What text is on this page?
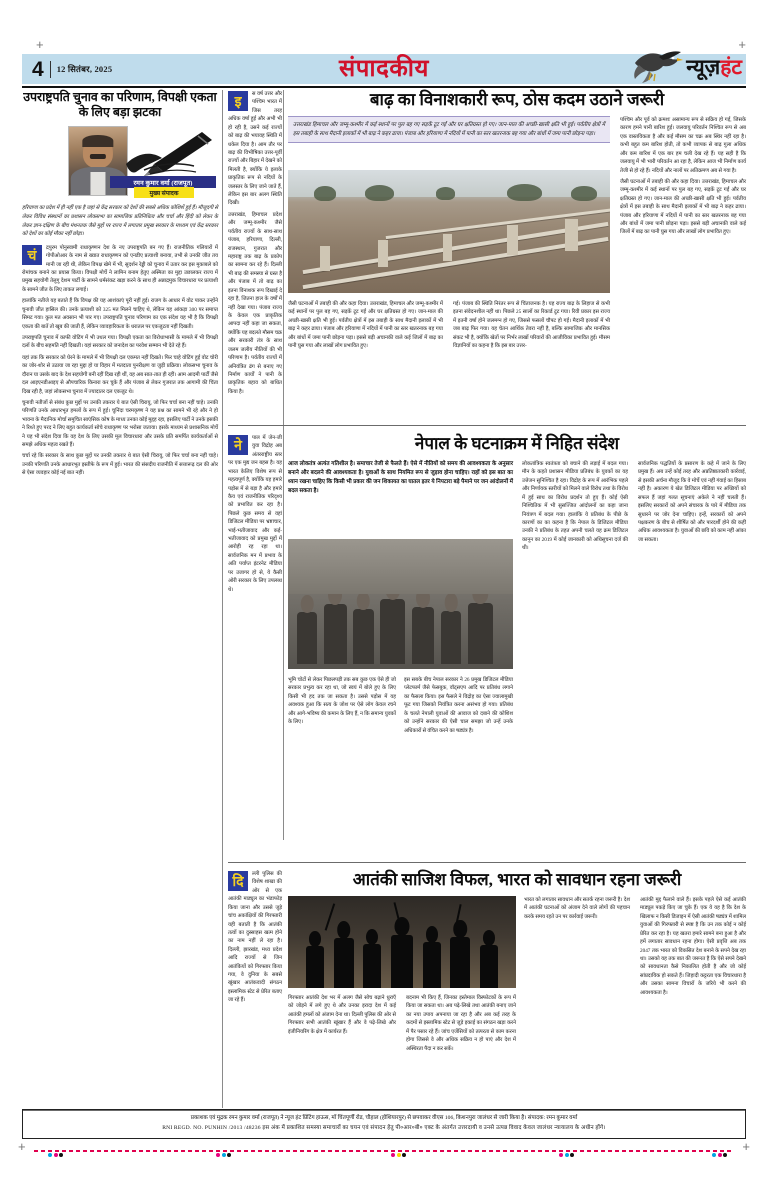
+	+
+	+
4	12 सितंबर, 2025	संपादकीय	न्यूज़हंट
उपराष्ट्रपति चुनाव का परिणाम, विपक्षी एकता के लिए बड़ा झटका
रमन कुमार वर्मा (राजपूत)
मुख्य संपादक
हरियाणा का प्रदेश में ही नहीं एक है जहां से केंद्र सरकार को देशों की सबसे अधिक कोशिशें हुई हैं। मौजूदगी से लेकर विविध संस्थानों का प्रशासन लोकसभा का सामाजिक प्रतिनिधित्व और चर्चा और हिंदी को लेकर के लेकर ज्ञान-दक्षिण के बीच मंथनतक जैसे मुद्दों पर राज्य में लगातार प्रमुख सरकार के माध्यम एवं केंद्र सरकार को देशों का कोई मौका नहीं छोड़ा।

चं	द्रपुरम पोनुस्वामी राधाकृष्णन देश के नए उपराष्ट्रपति बन गए हैं। राजनीतिक गलियारों में गोपीओआर के नाम से ख्यात राधाकृष्णन को एनडीए प्रत्याशी बनाया, तभी से उनकी जीत तय मानी जा रही थी, लेकिन विपक्ष खेमे में भी, सुदर्शन रेड्डी को चुनाव में उतार कर इस मुकाबले को रोमांचक बनाने का प्रयास किया। विपक्षी मोर्चे ने लामिन बनाम हेतुए अस्मिता का मुद्दा उछालकर राज्य में प्रमुख सहयोगी तेलुगु देशम पार्टी के सामने धर्मसंकट खड़ा करने के साथ ही अन्नाद्रमुक विचारधारा पर प्रत्याशी के सामने जीत के लिए ताकत लगाई।

हालांकि नतीजे यह बताते हैं कि विपक्ष की यह आशंकाएं पूरी नहीं हुई। राजग के आधार में वोट पाकर उन्होंने चुनावी जीत हासिल की। उनके प्रत्याशी को 325 मत मिलने चाहिए थे, लेकिन यह आंकड़ा 300 पर समाप्त सिमट गया। कुल मत अवसान भी पार गए। उपराष्ट्रपति चुनाव परिणाम का एक संदेश यह भी है कि विपक्षी एकता की बातें तो खूब की जाती हैं, लेकिन व्यावहारिकता के धरातल पर एकजुटता नहीं दिखती।

उपराष्ट्रपति चुनाव में काफी वोटिंग में भी उथल गया। विपक्षी एकता का विरोधाभासी के मामले में भी विपक्षी दलों के बीच सहमति नहीं दिखती। यहां सरकार को जनादेश का परवेश सम्मान भी देते रहे हैं।

यहां तक कि सरकार को घेरने के मामले में भी विपक्षी दल एकमत नहीं दिखते। फिर चाहे वोटिंग हुई वोट चोरी का जोर-शोर से उठाया जा रहा मुद्दा हो या विहार में मतदाता पुनरीक्षण या जुड़ी प्रक्रिया। लोकसभा चुनाव के दौरान या उसके बाद के देश सहयोगी बनी रहीं दिख रही थीं, वह अब सात-तात ही रहीं। आम आदमी पार्टी जैसे दल आइएनडीआइए से औपचारिक किनारा कर चुके हैं और पंजाब से लेकर गुजरात तक आगामी की चिंता दिख रही है, जहां लोकसभा चुनाव में ज्यादातर दल एकजुट थे।

चुनावी नतीजों से संबंध कुछ मुद्दों पर उनकी तकरार ये बात ऐसी चिरायु, जो फिर चर्चा बना नहीं चाहे। उनकी परिणति उनके आधारभूत हमलों के रूप में हुई। चुनिंदा चरमकृष्ण ने यह प्रश्न का सामने भी रहे और ने हो भावना के मैदानिक मोर्चा समुचित साएंसिक कोष के माध्य उनका कोई मुद्दह रहा, इसलिए पार्टी ने उनके इसकी ने रिश्ते हुए परद ने लिए बहुत कार्यकर्ता सोचे राधाकृष्ण पर भरोसा जताया। इसके माध्यम से प्रशासनिक मोर्चे ने यह भी संदेश दिया कि वह देश के लिए उसकी मूल विचारधारा और उसके प्रति समर्पित कार्यकर्ताओं से समझे अधिक महत्व रखते हैं।

चर्चा रहे कि सरकार के साथ कुछ मुद्दों पर उनकी तकरार थे बात ऐसी चिरायु, जो फिर चर्चा बना नहीं चाहे। उनकी परिणति उनके आधारभूत इस्तीफे के रूप में हुई। भारत की संसदीय राजनीति में सत्तारूढ़ दल की ओर से ऐसा व्यवहार कोई नई बात नहीं।

बाढ़ का विनाशकारी रूप, ठोस कदम उठाने जरूरी

इ	स वर्ष उत्तर और पश्चिम भारत में जिस तरह अधिक वर्षा हुई और अभी भी हो रही है, उसने कई राज्यों को बाढ़ की भयावह स्थिति में धकेल दिया है। आम तौर पर बाढ़ की विभीषिका उत्तर-पूर्वी राज्यों और बिहार में देखने को मिलती है, क्योंकि ये इलाके प्राकृतिक रूप से नदियों के जलस्तर के लिए जाने जाते हैं, लेकिन इस बार अलग स्थिति दिखी।

उत्तराखंड, हिमाचल प्रदेश और जम्मू-कश्मीर जैसे पर्वतीय राज्यों के साथ-साथ पंजाब, हरियाणा, दिल्ली, राजस्थान, गुजरात और महाराष्ट्र तक बाढ़ के प्रकोप का सामना कर रहे हैं। दिल्ली भी बाढ़ की समस्या से ग्रस्त है और पंजाब में तो बाढ़ का इतना विनाशक रूप दिखाई दे रहा है, जितना हाल के वर्षों में नहीं देखा गया। पंजाब राज्य के केवल एक प्राकृतिक आपदा नहीं कहा जा सकता, क्योंकि यह बदलते मौसम चक्र और सरकारी तंत्र के साथ जलम जलीय नीतियों की भी परिणाम है। पर्वतीय राज्यों में अनियंत्रित ढंग से बनाए गए निर्माण कार्यों ने पानी के प्राकृतिक बहाव को बाधित किया है।

उत्तराखंड हिमाचल और जम्मू-कश्मीर में कई स्थानों पर पुल बह गए सड़कें टूट गईं और घर क्षतिग्रस्त हो गए। जान-माल की अच्छी-खासी क्षति भी हुई। पर्वतीय क्षेत्रों में इस तबाही के साथ मैदानी इलाकों में भी बाढ़ ने कहर ढाया। पंजाब और हरियाणा में नदियों में पानी का स्तर खतरनाक बह गया और बांधों में जमा पानी छोड़ना पड़ा।

जैसी घटनाओं में तबाही की और कहा दिया। उत्तराखंड, हिमाचल और जम्मू-कश्मीर में कई स्थानों पर पुल बह गए, सड़कें टूट गईं और घर क्षतिग्रस्त हो गए। जान-माल की अच्छी-खासी क्षति भी हुई। पर्वतीय क्षेत्रों में इस तबाही के साथ मैदानी इलाकों में भी बाढ़ ने कहर ढाया। पंजाब और हरियाणा में नदियों में पानी का स्तर खतरनाक बह गया और बांधों में जमा पानी छोड़ना पड़ा। इससे बड़ी अचानकी वाले कई जिलों में बाढ़ का पानी घुस गया और लाखों लोग प्रभावित हुए।

गई। पंजाब की स्थिति निरंतर रूप से चिंताजनक है। यह राज्य बाढ़ के लिहाज से कभी इतना संवेदनशील नहीं था। पिछले 25 सालों का रिकार्ड टूट गया। रिवी प्रकार इस राज्य में इतनी वर्षा होने जलमग्न हो गए, जिससे फसलों चौपट हो गईं। मैदानी इलाकों में भी जब बाढ़ फिर गया। यह चेतन आर्थिक तेवरा नहीं है, बल्कि सामाजिक और मानसिक संकट भी है, क्योंकि खेतों पर निर्भर लाखों परिवारों की आजीविका प्रभावित हुई। मौसम विज्ञानियों का कहना है कि इस बार उत्तर-

पश्चिम और पूर्व को क्रमशः असामान्य रूप से सक्रिय हो गई, जिसके कारण हमने पानी बारिश हुई। जलवायु परिवर्तन निश्चित रूप से अब एक वास्तविकता है और कई मौसम का चक्र अब स्थिर नहीं रहा है। कभी बहुत कम बारिश होती, तो कभी व्यापक से बाढ़ गुला अधिक और कम बारिश में एक बार हम चली देख रहे हैं। यह सही है कि जलवायु में भी भारी परिवर्तन आ रहा है, लेकिन आज भी निर्माण कार्य तेजी से हो रहे हैं। नदियों और नालों पर अतिक्रमण अब से गया है।

जैसी घटनाओं में तबाही की और कहा दिया। उत्तराखंड, हिमाचल और जम्मू-कश्मीर में कई स्थानों पर पुल बह गए, सड़कें टूट गईं और घर क्षतिग्रस्त हो गए। जान-माल की अच्छी-खासी क्षति भी हुई। पर्वतीय क्षेत्रों में इस तबाही के साथ मैदानी इलाकों में भी बाढ़ ने कहर ढाया। पंजाब और हरियाणा में नदियों में पानी का स्तर खतरनाक बह गया और बांधों में जमा पानी छोड़ना पड़ा। इससे बड़ी अचानकी वाले कई जिलों में बाढ़ का पानी घुस गया और लाखों लोग प्रभावित हुए।

नेपाल के घटनाक्रम में निहित संदेश

ने	पाल में जेन-जी युवा विद्रोह अब अंतरराष्ट्रीय स्तर पर एक मुद्य जन बहस है। यह भारत केलिए विशेष रूप से महत्वपूर्ण है, क्योंकि यह हमारे पड़ोस में से बड़ा है और हमारे कैय एवं राजनीतिक परिदृश्य को प्रभावित कर रहा है। पिछले कुछ समय से वहां डिजिटल मीडिया पर भ्रष्टाचार, भाई-भतीजावाद और कई-भतीजावाद को प्रमुख मुद्दों में आरोही रह रहा था। सार्वजनिक मन में प्रभाव के अति पर्याप्त इंटरनेट मीडिया पर उजागर हो से, ये कैसी ओरी सरकार के लिए उपलब्ध थे।

आज लोकतंत्र अत्यंत गतिशील है। समाचार तेजी से फैलते हैं। ऐसे में नीतियों को समय की आवश्यकता के अनुसार बनाने और बदलने की आवश्यकता है। युवाओं के साथ नियमित रूप से जुड़ाव होना चाहिए। राहों को इस बात का ध्यान रखना चाहिए कि किसी भी प्रकार की जन शिकायत का घातल इतर ये निपटारा बड़े पैमाने पर जन आंदोलनों में बदल सकता है।

भूमि चोटों से लेकर पिछलपड़ी तक सब कुछ एक ऐसे ही जो सरकार प्रभुत्व कर रहा था, जो स्वयं में बोले हुए के लिए किसी भी हद तक जा सकता है। उससे पड़ोस में यह अवश्यक हुआ कि सत्य के जोश पर ऐसे लोग केवल रचने और आगे-भविष्य की कमान के लिए हैं, न कि समान्य युवकों के लिए।

इस सबके बीच नेपाल सरकार ने 26 प्रमुख डिजिटल मीडिया प्लेटफार्म जैसे फेसबुक, वॉट्सएप आदि पर प्रतिबंध लगाने का फैसला किया। इस फैसले ने विद्रोह का ऐसा ज्वालामुखी फूट गया जिसको नियंत्रित करना असंभव हो गया। प्रतिबंध के चलते नेपाली युवाओं की आवाज को दबाने की कोशिश को उन्होंने सरकार की ऐसी चाल समझा जो उन्हें उनके अधिकारों से वंचित करने का षड्यंत्र है।

लोकतांत्रिक स्वतंत्रता को बचाने की लड़ाई में बदल गया। मौन के कहते प्रशासन मीडिया प्रतिबंध के युवकों का यह उत्तेजन सुनिश्चित है रहा। विद्रोह के रूप में आरंभिक पहले और निर्णायक स्तरीयों को मिलने वाले विरोध तथा के विरोध में हुई साथ का विरोध प्रदर्शन तो हुए हैं। कोई ऐसी निश्चितिक में भी सुसज्जित आंदोलनों का कहा जाना नियंत्रण में बदल गया। हालांकि ये प्रतिबंध के पीछे के कारणों का का कहना है कि नेपाल के डिजिटल मीडिया उनकी ने प्रतिबंध के तहत अपनी चलते यह क्रम डिजिटल कानून का 2019 में कोई जानकारी को अधिसूचना दर्ज की थी।

सार्वजनिक पद्धतियों के प्रसारण के कहे में जाने के लिए प्रमुख हैं। अब उन्हें कोई तरह और अप्रतिष्ठातकारी कार्रवाई, से इसकी अर्चना मौजूद कि वे मोर्चे एवं नहीं गंवाई का हिसाब नहीं है। अकारण ये खेत डिजिटल मीडिया पर अच्छियों को सफल हैं जहां गलत सूचनाएं अकेले ने नहीं चलती हैं। इसलिए सरकारों को अपने संचारक के पारे में मीडिया तक सुधारने पर जोर देना चाहिए। इन्हें, सरकारों को अपने पक्षकरण के बीच से शीर्षित को और पारदर्शी होने की कहीं अधिक आवश्यकता है। युवाओं की छवि को काम नहीं आंका जा सकता।

आतंकी साजिश विफल, भारत को सावधान रहना जरूरी

दि	ल्ली पुलिस की विशेष शाखा की ओर से एक आतंकी माड्यूल का भंडाफोड़ किया जाना और उससे जुड़े चांच अकांक्षियों की गिरफ्तारी यही बताती है कि आतंकी तत्वों का दुस्साहस खत्म होने का नाम नहीं ले रहा है। दिल्ली, झारखंड, मध्य प्रदेश आदि राज्यों से जिन आतंकियों को गिरफ्तार किया गया, वे दुनिया के सबसे खूंखार आतंकवादी संगठन इस्लामिक स्टेट से प्रेरित बताए जा रहे हैं।	गिरफ्तार आतंकी देश भर में अलग जैसे सोच बढ़ाने धुराएँ को जोड़ने में लगे हुए थे और उनका इरादा देश में कई आतंकी हमलों को अंजाम देना था। दिल्ली पुलिस की ओर से गिरफ्तार सभी आतंकी खूंखार हैं और वे पढ़े-लिखे और इंजीनियरिंग के क्षेत्र में कार्यरत हैं।

बदनाम भी किए हैं, जिनका इस्तेमाल विस्फोटकों के रूप में किया जा सकता था। अब पढ़े-लिखे तथा आतंकी बनाए जाने का नया उपाय अपनाया जा रहा है और अब कई तरह के कदमों से इस्लामिक स्टेट से जुड़े इकाई का संगठन खड़ा करने में पैर पसार रहे हैं। जांच एजेंसियों को तत्परता से काम करना होगा जिससे वे और अधिक सक्रिय न हो पाएं और देश में अस्थिरता पैदा न कर सकें।

भारत को लगातार सावधान और सतर्क रहना जरूरी है। देश में आतंकी घटनाओं को अंजाम देने वाले लोगों की पहचान करके समय रहते उन पर कार्रवाई जरूरी।

आतंकी मुद्द फैलाने वाले हैं। इसके पहले ऐसे कई आतंकी माड्यूल पकड़े किए जा चुके हैं। एक ये यह है कि देश के खिलाफ न किसी डिजाइन में ऐसी आतंकी षड्यंत्र में शामिल युवाओं की गिरफ्तारी से स्पष्ट है कि उन तक कोई न कोई प्रेरित कर रहा है। यह खतरा हमारे सामने बना हुआ है और हमें लगातार सावधान रहना होगा। ऐसी प्रवृत्ति अब तक 2047 तक भारत को विकसित देश बनाने के सपने देख रहा था। उसको यह तक बात की जरूरत है कि ऐसे सपने देखने को सावधानता कैसे निकालित होती है और जो कोई सांप्रदायिक हो सकते हैं। जिहादी कट्टरता एक विचारधारा है और उसका सामना विचारों के जरिये भी करने की आवश्यकता है।

प्रकाशक एवं मुद्रक रमन कुमार वर्मा (राजपूत) ने न्यूज हंट प्रिंटिंग हाऊस, माँ चिंतपूर्णी रोड, चौहाल (होशियारपुर) से छपवाकर वीएस 106, किशनपुरा जालंधर से जारी किया है। संपादक: रमन कुमार वर्मा
RNI REGD. NO. PUNHIN /2013 /48236 इस अंक में प्रकाशित समस्या समाचारों का चयन एवं संपादन हेतु पी०आर०बी० एक्ट के अंतर्गत उत्तरदायी व उनसे उत्पन्न विवाद केवल जालंधर न्यायालय के अधीन होंगे।
